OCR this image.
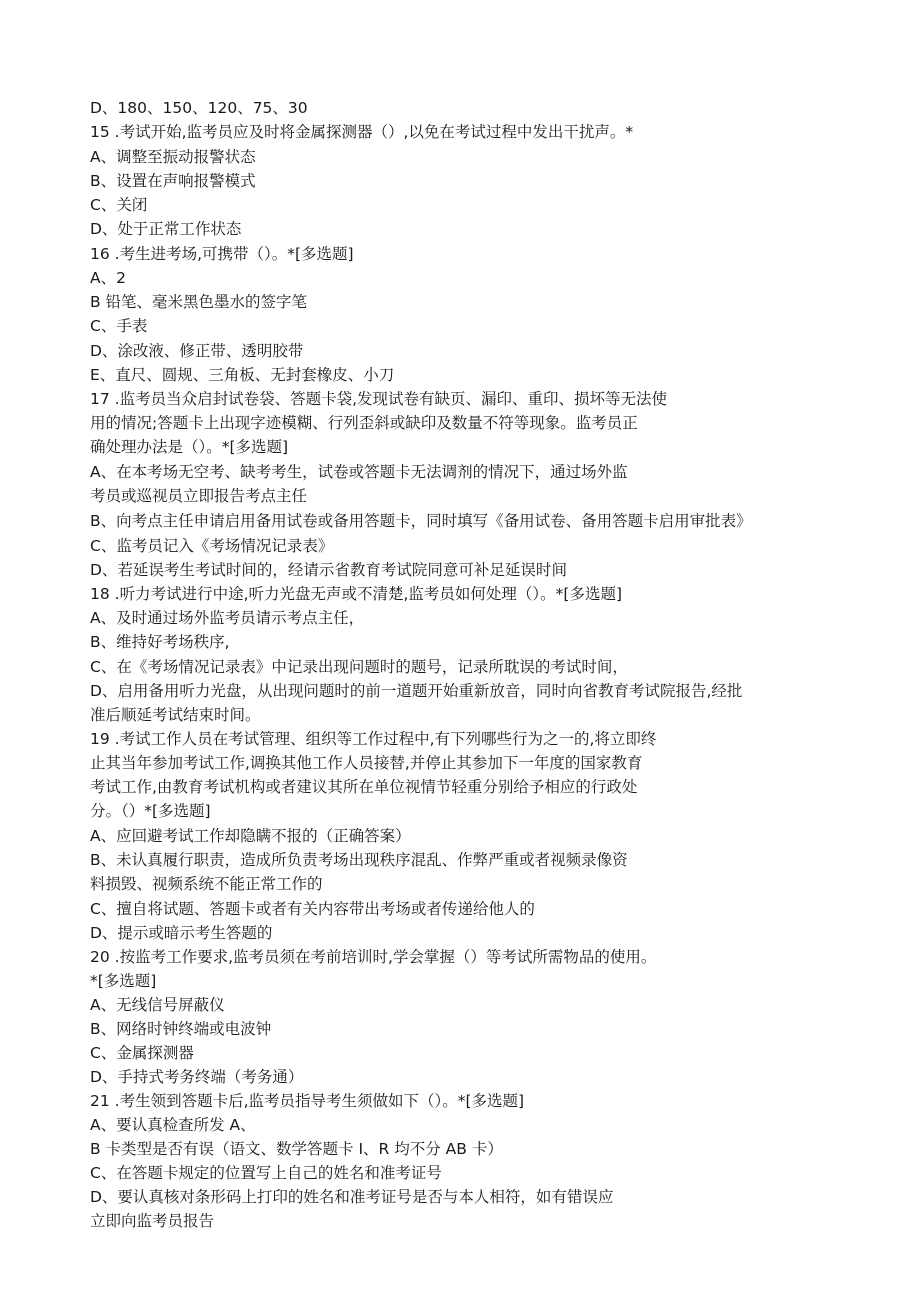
D、180、150、120、75、30

15 .考试开始,监考员应及时将金属探测器（）,以免在考试过程中发出干扰声。*

A、调整至振动报警状态

B、设置在声响报警模式

C、关闭

D、处于正常工作状态

16 .考生进考场,可携带（）。*[多选题]

A、2

B 铅笔、毫米黑色墨水的签字笔

C、手表

D、涂改液、修正带、透明胶带

E、直尺、圆规、三角板、无封套橡皮、小刀

17 .监考员当众启封试卷袋、答题卡袋,发现试卷有缺页、漏印、重印、损坏等无法使

用的情况;答题卡上出现字迹模糊、行列歪斜或缺印及数量不符等现象。监考员正

确处理办法是（）。*[多选题]

A、在本考场无空考、缺考考生，试卷或答题卡无法调剂的情况下，通过场外监

考员或巡视员立即报告考点主任

B、向考点主任申请启用备用试卷或备用答题卡，同时填写《备用试卷、备用答题卡启用审批表》

C、监考员记入《考场情况记录表》

D、若延误考生考试时间的，经请示省教育考试院同意可补足延误时间

18 .听力考试进行中途,听力光盘无声或不清楚,监考员如何处理（）。*[多选题]

A、及时通过场外监考员请示考点主任，

B、维持好考场秩序,

C、在《考场情况记录表》中记录出现问题时的题号，记录所耽误的考试时间，

D、启用备用听力光盘，从出现问题时的前一道题开始重新放音，同时向省教育考试院报告,经批

准后顺延考试结束时间。

19 .考试工作人员在考试管理、组织等工作过程中,有下列哪些行为之一的,将立即终

止其当年参加考试工作,调换其他工作人员接替,并停止其参加下一年度的国家教育

考试工作,由教育考试机构或者建议其所在单位视情节轻重分别给予相应的行政处

分。（）*[多选题]

A、应回避考试工作却隐瞒不报的（正确答案）

B、未认真履行职责，造成所负责考场出现秩序混乱、作弊严重或者视频录像资

料损毁、视频系统不能正常工作的

C、擅自将试题、答题卡或者有关内容带出考场或者传递给他人的

D、提示或暗示考生答题的

20 .按监考工作要求,监考员须在考前培训时,学会掌握（）等考试所需物品的使用。

*[多选题]

A、无线信号屏蔽仪

B、网络时钟终端或电波钟

C、金属探测器

D、手持式考务终端（考务通）

21 .考生领到答题卡后,监考员指导考生须做如下（）。*[多选题]

A、要认真检查所发 A、

B 卡类型是否有误（语文、数学答题卡 I、R 均不分 AB 卡）

C、在答题卡规定的位置写上自己的姓名和准考证号

D、要认真核对条形码上打印的姓名和准考证号是否与本人相符，如有错误应

立即向监考员报告
